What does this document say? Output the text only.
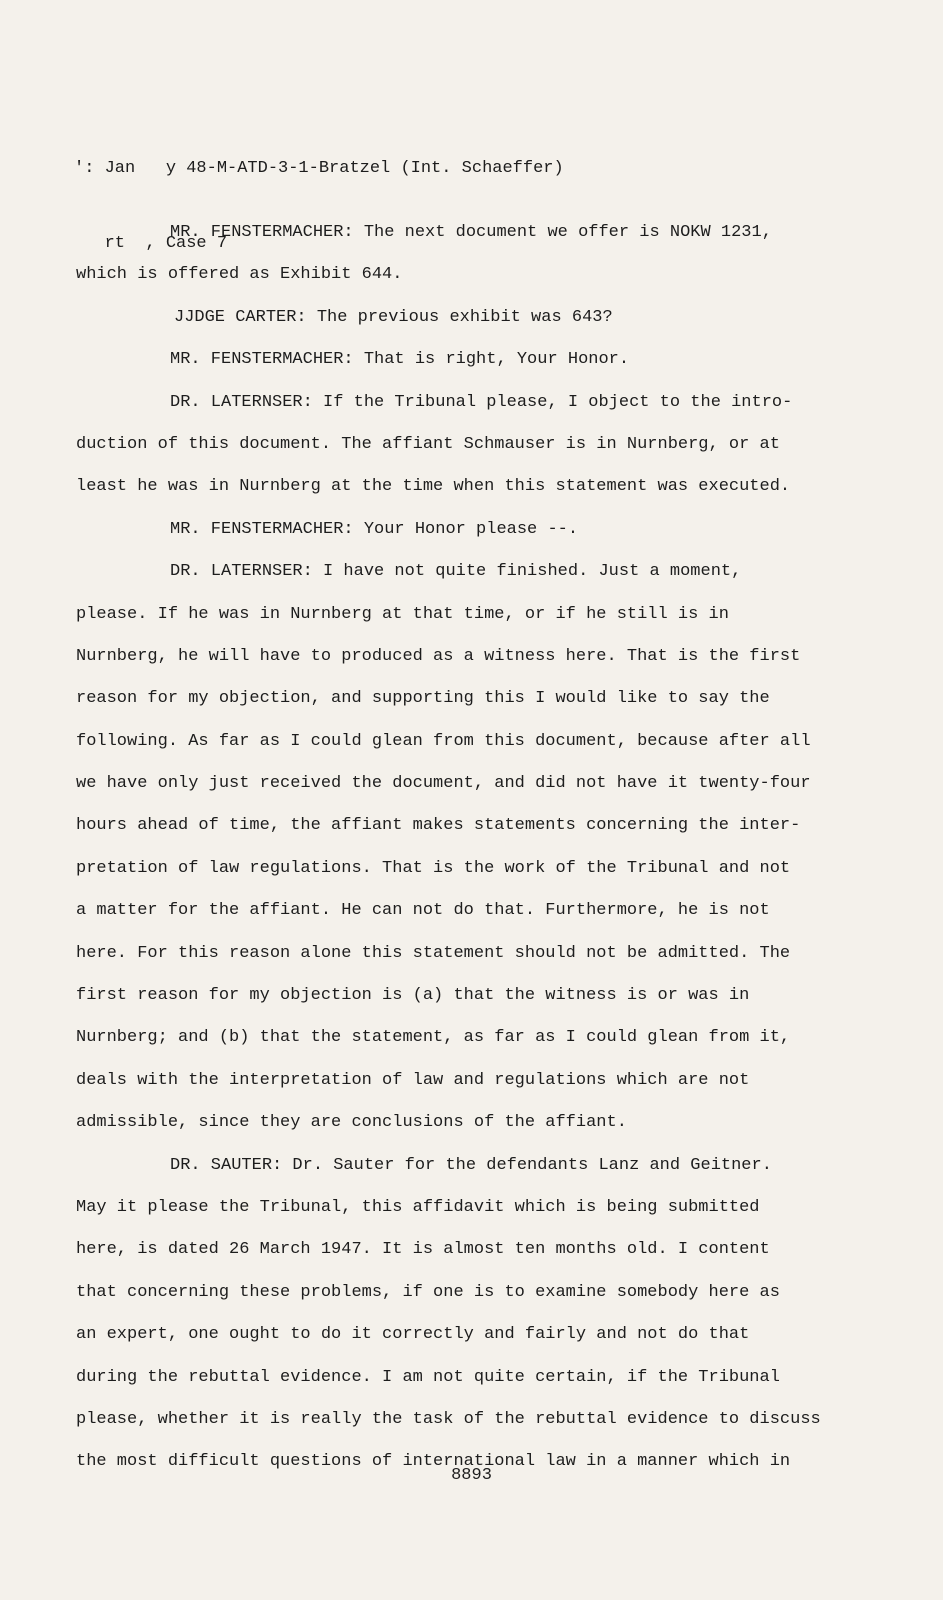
': Jan   y 48-M-ATD-3-1-Bratzel (Int. Schaeffer)

rt  , Case 7

MR. FENSTERMACHER: The next document we offer is NOKW 1231,
which is offered as Exhibit 644.
JJDGE CARTER: The previous exhibit was 643?
MR. FENSTERMACHER: That is right, Your Honor.
DR. LATERNSER: If the Tribunal please, I object to the intro-
duction of this document. The affiant Schmauser is in Nurnberg, or at
least he was in Nurnberg at the time when this statement was executed.
MR. FENSTERMACHER: Your Honor please --.
DR. LATERNSER: I have not quite finished. Just a moment,
please. If he was in Nurnberg at that time, or if he still is in
Nurnberg, he will have to produced as a witness here. That is the first
reason for my objection, and supporting this I would like to say the
following. As far as I could glean from this document, because after all
we have only just received the document, and did not have it twenty-four
hours ahead of time, the affiant makes statements concerning the inter-
pretation of law regulations. That is the work of the Tribunal and not
a matter for the affiant. He can not do that. Furthermore, he is not
here. For this reason alone this statement should not be admitted. The
first reason for my objection is (a) that the witness is or was in
Nurnberg; and (b) that the statement, as far as I could glean from it,
deals with the interpretation of law and regulations which are not
admissible, since they are conclusions of the affiant.
DR. SAUTER: Dr. Sauter for the defendants Lanz and Geitner.
May it please the Tribunal, this affidavit which is being submitted
here, is dated 26 March 1947. It is almost ten months old. I content
that concerning these problems, if one is to examine somebody here as
an expert, one ought to do it correctly and fairly and not do that
during the rebuttal evidence. I am not quite certain, if the Tribunal
please, whether it is really the task of the rebuttal evidence to discuss
the most difficult questions of international law in a manner which in
8893
